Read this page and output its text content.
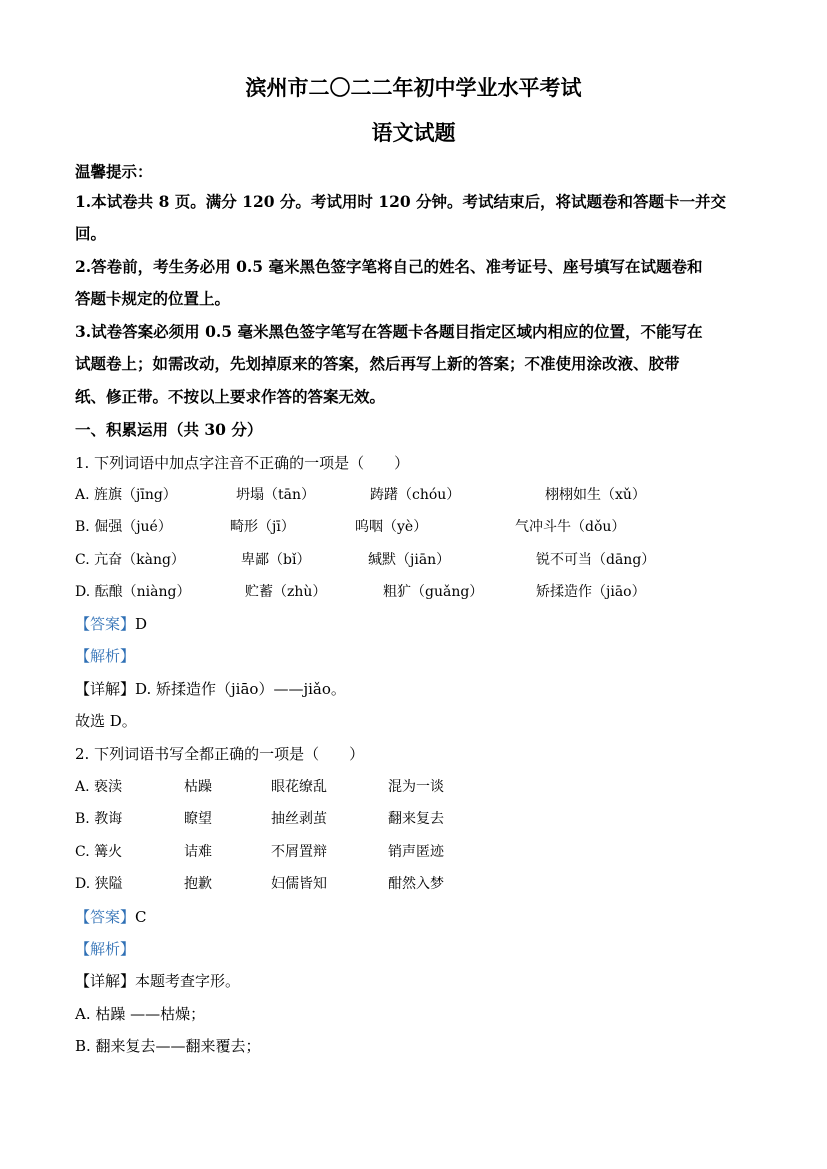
滨州市二〇二二年初中学业水平考试
语文试题
温馨提示：
1.本试卷共 8 页。满分 120 分。考试用时 120 分钟。考试结束后，将试题卷和答题卡一并交
回。
2.答卷前，考生务必用 0.5 毫米黑色签字笔将自己的姓名、准考证号、座号填写在试题卷和
答题卡规定的位置上。
3.试卷答案必须用 0.5 毫米黑色签字笔写在答题卡各题目指定区域内相应的位置，不能写在
试题卷上；如需改动，先划掉原来的答案，然后再写上新的答案；不准使用涂改液、胶带
纸、修正带。不按以上要求作答的答案无效。
一、积累运用（共 30 分）
1. 下列词语中加点字注音不正确的一项是（　　）
A. 旌旗（jīng）	坍塌（tān）	踌躇（chóu）	栩栩如生（xǔ）
B. 倔强（jué）	畸形（jī）	呜咽（yè）	气冲斗牛（dǒu）
C. 亢奋（kàng）	卑鄙（bǐ）	缄默（jiān）	锐不可当（dāng）
D. 酝酿（niàng）	贮蓄（zhù）	粗犷（guǎng）	矫揉造作（jiāo）
【答案】D
【解析】
【详解】D. 矫揉造作（jiāo）——jiǎo。
故选 D。
2. 下列词语书写全都正确的一项是（　　）
A. 亵渎	枯躁	眼花缭乱	混为一谈
B. 教诲	瞭望	抽丝剥茧	翻来复去
C. 篝火	诘难	不屑置辩	销声匿迹
D. 狭隘	抱歉	妇儒皆知	酣然入梦
【答案】C
【解析】
【详解】本题考查字形。
A. 枯躁 ——枯燥；
B. 翻来复去——翻来覆去；
